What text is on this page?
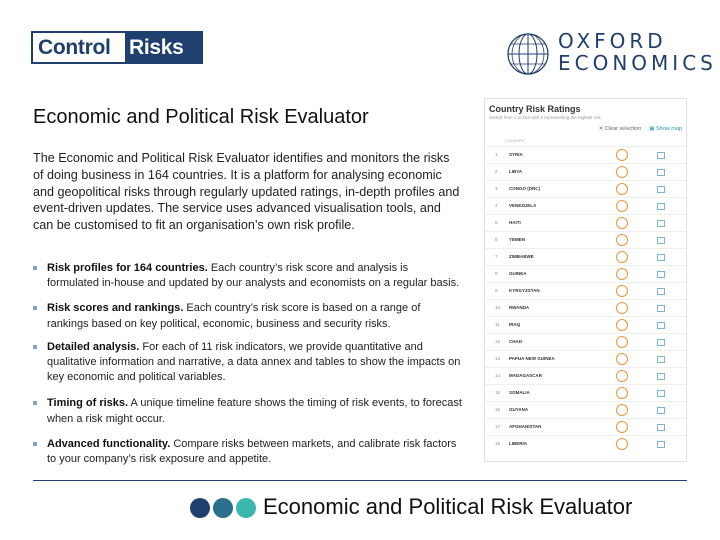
Control Risks	OXFORD
ECONOMICS
Economic and Political Risk Evaluator

The Economic and Political Risk Evaluator identifies and monitors the risks of doing business in 164 countries. It is a platform for analysing economic and geopolitical risks through regularly updated ratings, in-depth profiles and event-driven updates. The service uses advanced visualisation tools, and can be customised to fit an organisation’s own risk profile.

Risk profiles for 164 countries. Each country’s risk score and analysis is formulated in-house and updated by our analysts and economists on a regular basis.
Risk scores and rankings. Each country’s risk score is based on a range of rankings based on key political, economic, business and security risks.
Detailed analysis. For each of 11 risk indicators, we provide quantitative and qualitative information and narrative, a data annex and tables to show the impacts on key economic and political variables.
Timing of risks. A unique timeline feature shows the timing of risk events, to forecast when a risk might occur.
Advanced functionality. Compare risks between markets, and calibrate risk factors to your company’s risk exposure and appetite.
Country Risk Ratings
Sorted from 1 to 164 with 1 representing the highest risk
✕ Clear selection ▦ Show map
COUNTRY
1	SYRIA
2	LIBYA
3	CONGO (DRC)
4	VENEZUELA
5	HAITI
6	YEMEN
7	ZIMBABWE
8	GUINEA
9	KYRGYZSTAN
10 RWANDA
11 IRAQ
12 CHAD
13 PAPUA NEW GUINEA
14 MADAGASCAR
15 SOMALIA
16 GUYANA
17 AFGHANISTAN
18 LIBERIA
Economic and Political Risk Evaluator
